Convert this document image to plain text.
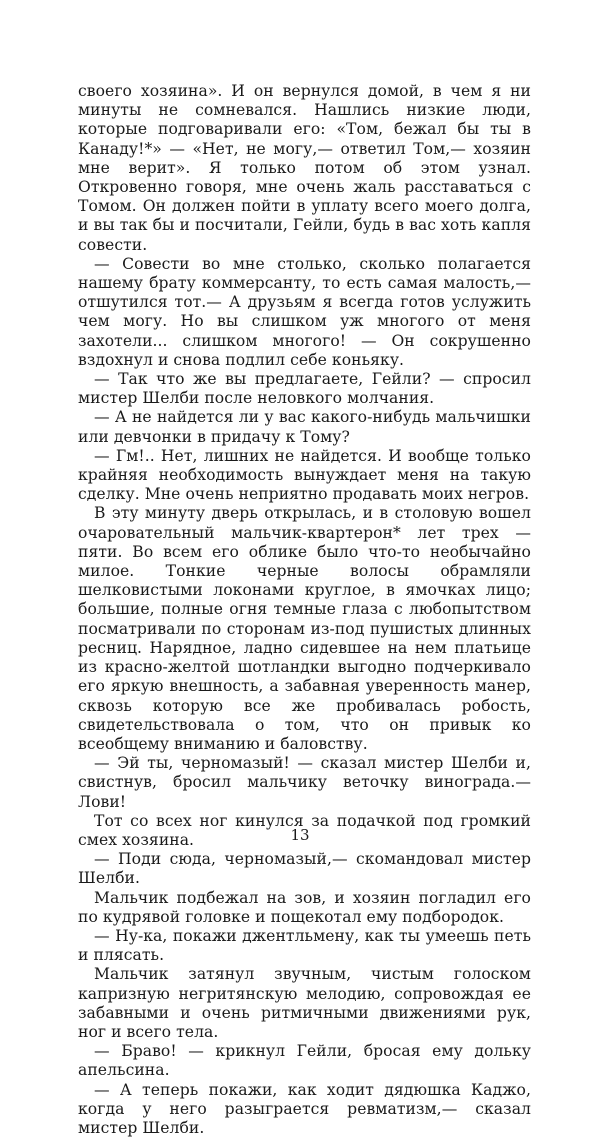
своего хозяина». И он вернулся домой, в чем я ни минуты не сомневался. Нашлись низкие люди, которые подговаривали его: «Том, бежал бы ты в Канаду!*» — «Нет, не могу,— ответил Том,— хозяин мне верит». Я только потом об этом узнал. Откровенно говоря, мне очень жаль расставаться с Томом. Он должен пойти в уплату всего моего долга, и вы так бы и посчитали, Гейли, будь в вас хоть капля совести.

— Совести во мне столько, сколько полагается нашему брату коммерсанту, то есть самая малость,— отшутился тот.— А друзьям я всегда готов услужить чем могу. Но вы слишком уж многого от меня захотели... слишком многого! — Он сокрушенно вздохнул и снова подлил себе коньяку.

— Так что же вы предлагаете, Гейли? — спросил мистер Шелби после неловкого молчания.

— А не найдется ли у вас какого-нибудь мальчишки или девчонки в придачу к Тому?

— Гм!.. Нет, лишних не найдется. И вообще только крайняя необходимость вынуждает меня на такую сделку. Мне очень неприятно продавать моих негров.

В эту минуту дверь открылась, и в столовую вошел очаровательный мальчик-квартерон* лет трех — пяти. Во всем его облике было что-то необычайно милое. Тонкие черные волосы обрамляли шелковистыми локонами круглое, в ямочках лицо; большие, полные огня темные глаза с любопытством посматривали по сторонам из-под пушистых длинных ресниц. Нарядное, ладно сидевшее на нем платьице из красно-желтой шотландки выгодно подчеркивало его яркую внешность, а забавная уверенность манер, сквозь которую все же пробивалась робость, свидетельствовала о том, что он привык ко всеобщему вниманию и баловству.

— Эй ты, черномазый! — сказал мистер Шелби и, свистнув, бросил мальчику веточку винограда.— Лови!

Тот со всех ног кинулся за подачкой под громкий смех хозяина.

— Поди сюда, черномазый,— скомандовал мистер Шелби.

Мальчик подбежал на зов, и хозяин погладил его по кудрявой головке и пощекотал ему подбородок.

— Ну-ка, покажи джентльмену, как ты умеешь петь и плясать.

Мальчик затянул звучным, чистым голоском капризную негритянскую мелодию, сопровождая ее забавными и очень ритмичными движениями рук, ног и всего тела.

— Браво! — крикнул Гейли, бросая ему дольку апельсина.

— А теперь покажи, как ходит дядюшка Каджо, когда у него разыграется ревматизм,— сказал мистер Шелби.

13
